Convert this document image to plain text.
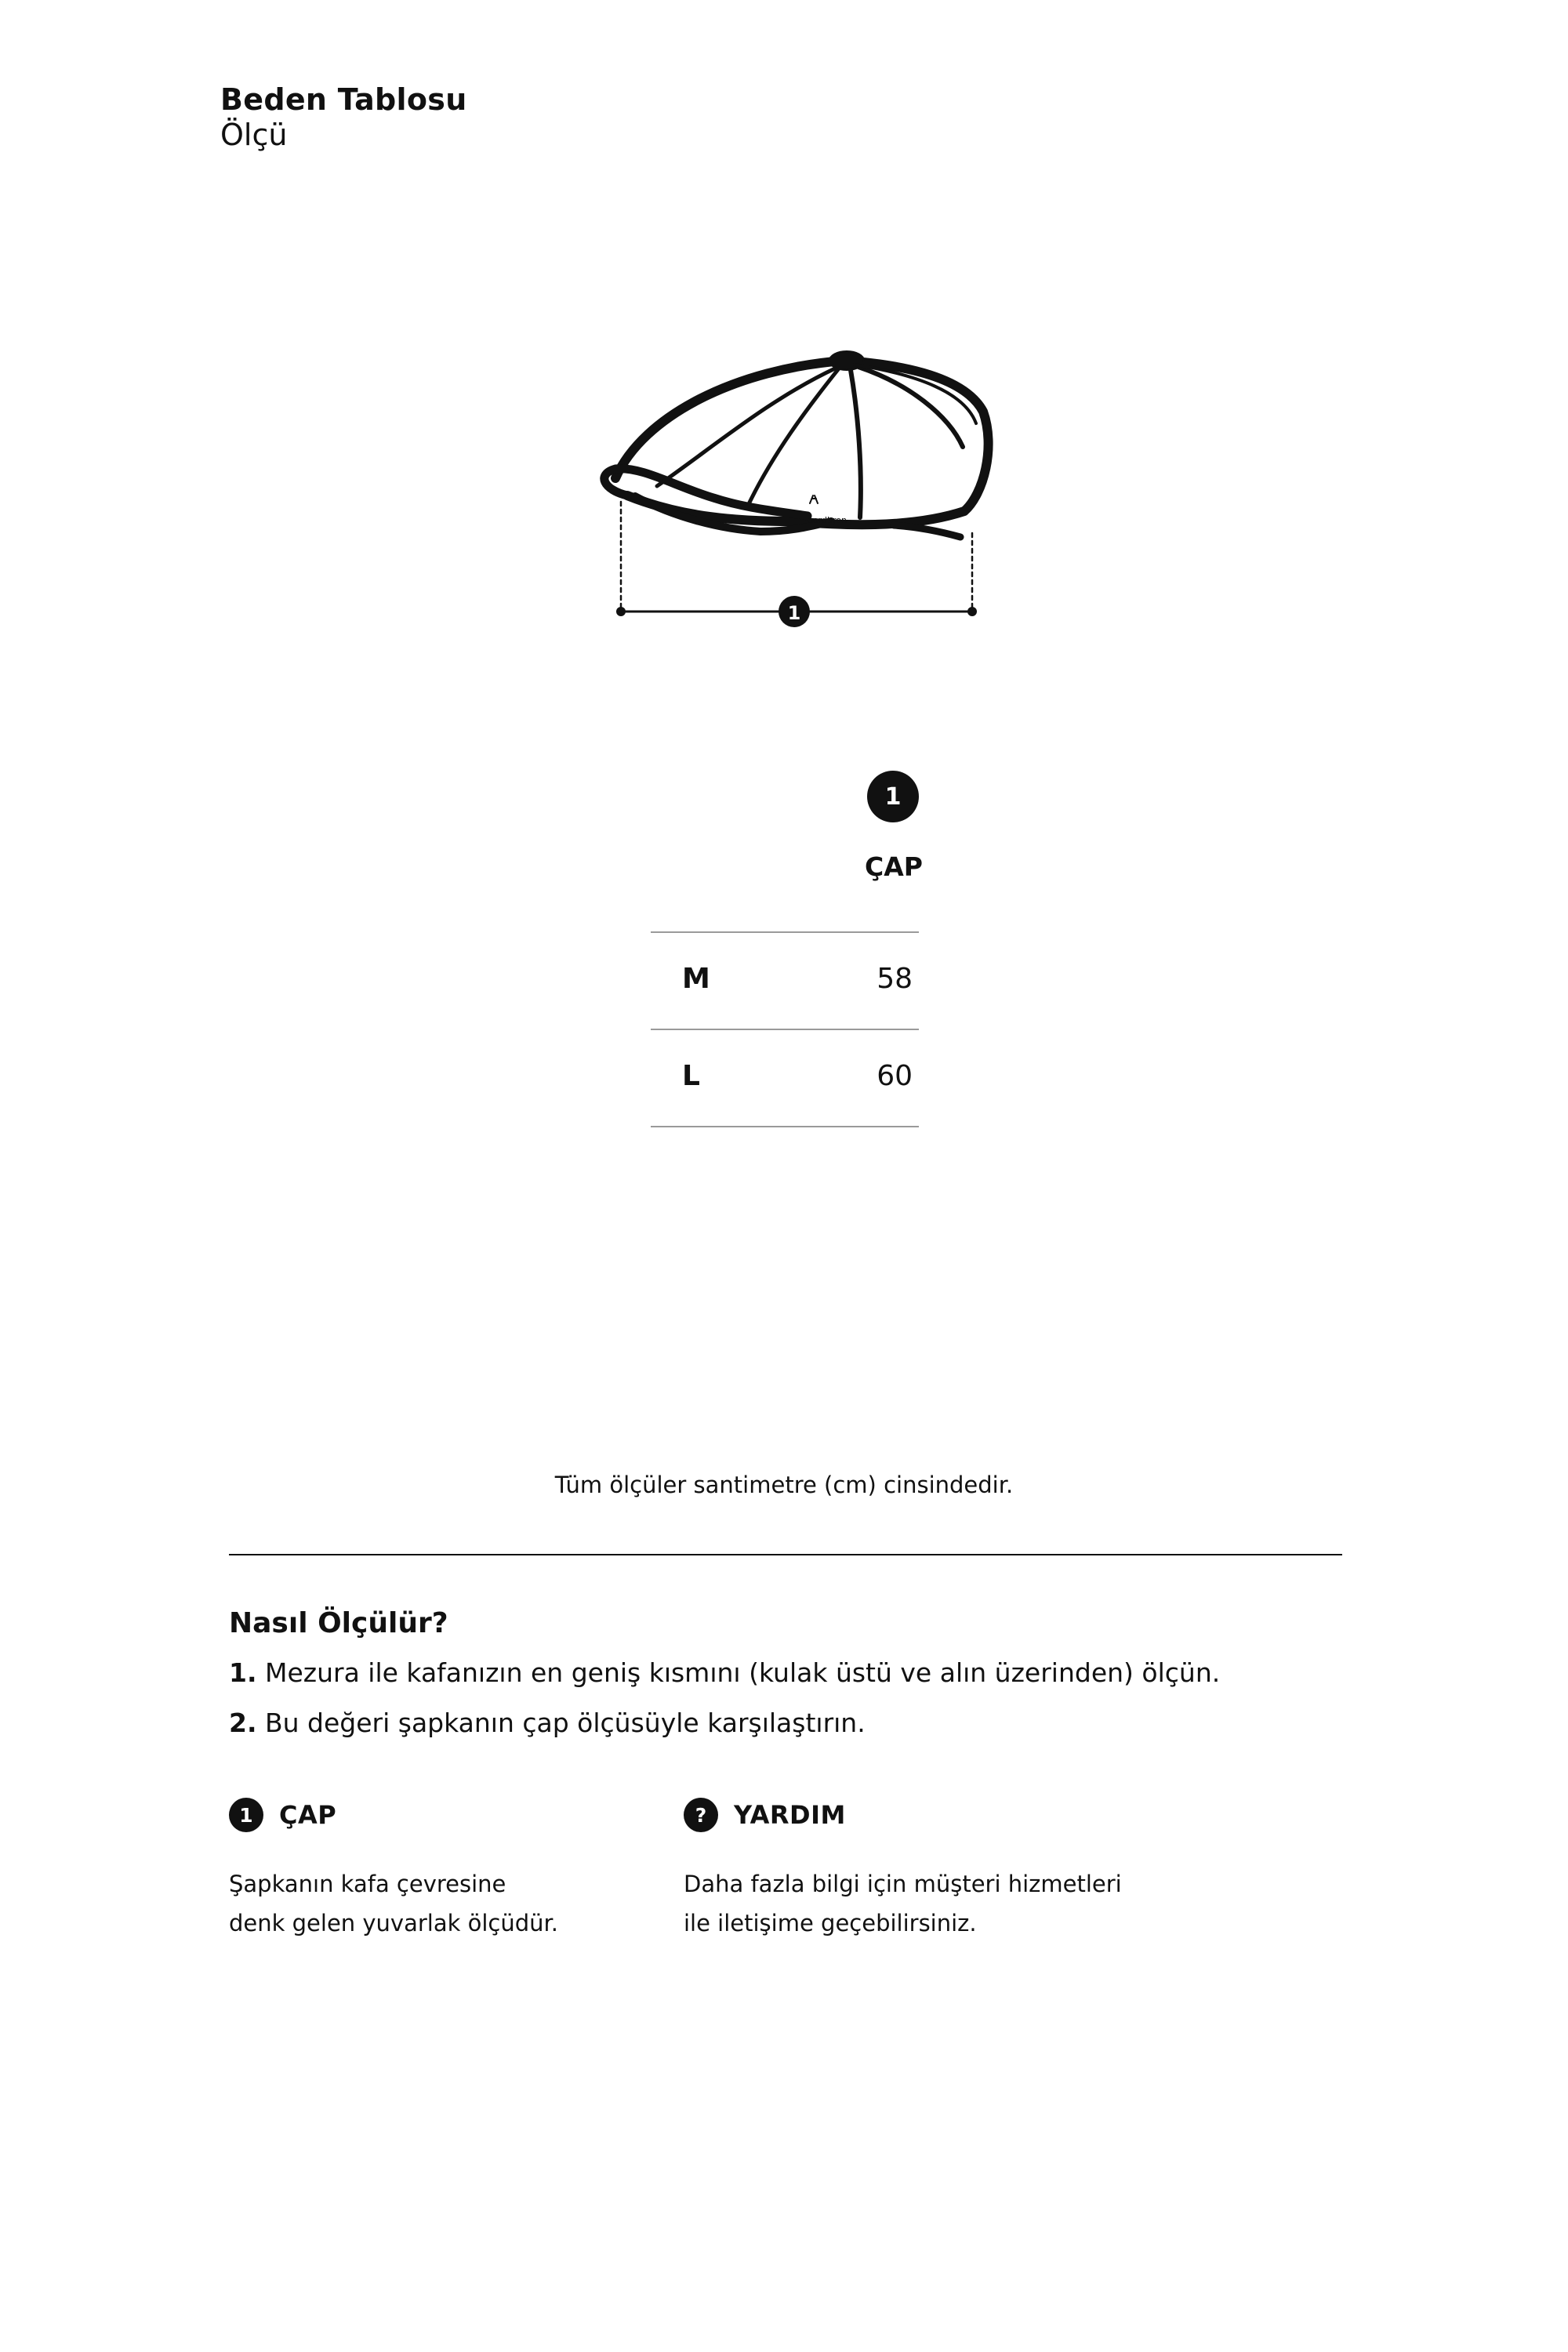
Beden Tablosu
Ölçü
nordbron
1
1
ÇAP
M	58
L	60
Tüm ölçüler santimetre (cm) cinsindedir.
Nasıl Ölçülür?
1. Mezura ile kafanızın en geniş kısmını (kulak üstü ve alın üzerinden) ölçün.
2. Bu değeri şapkanın çap ölçüsüyle karşılaştırın.
1	ÇAP
Şapkanın kafa çevresine
denk gelen yuvarlak ölçüdür.
?	YARDIM
Daha fazla bilgi için müşteri hizmetleri
ile iletişime geçebilirsiniz.
